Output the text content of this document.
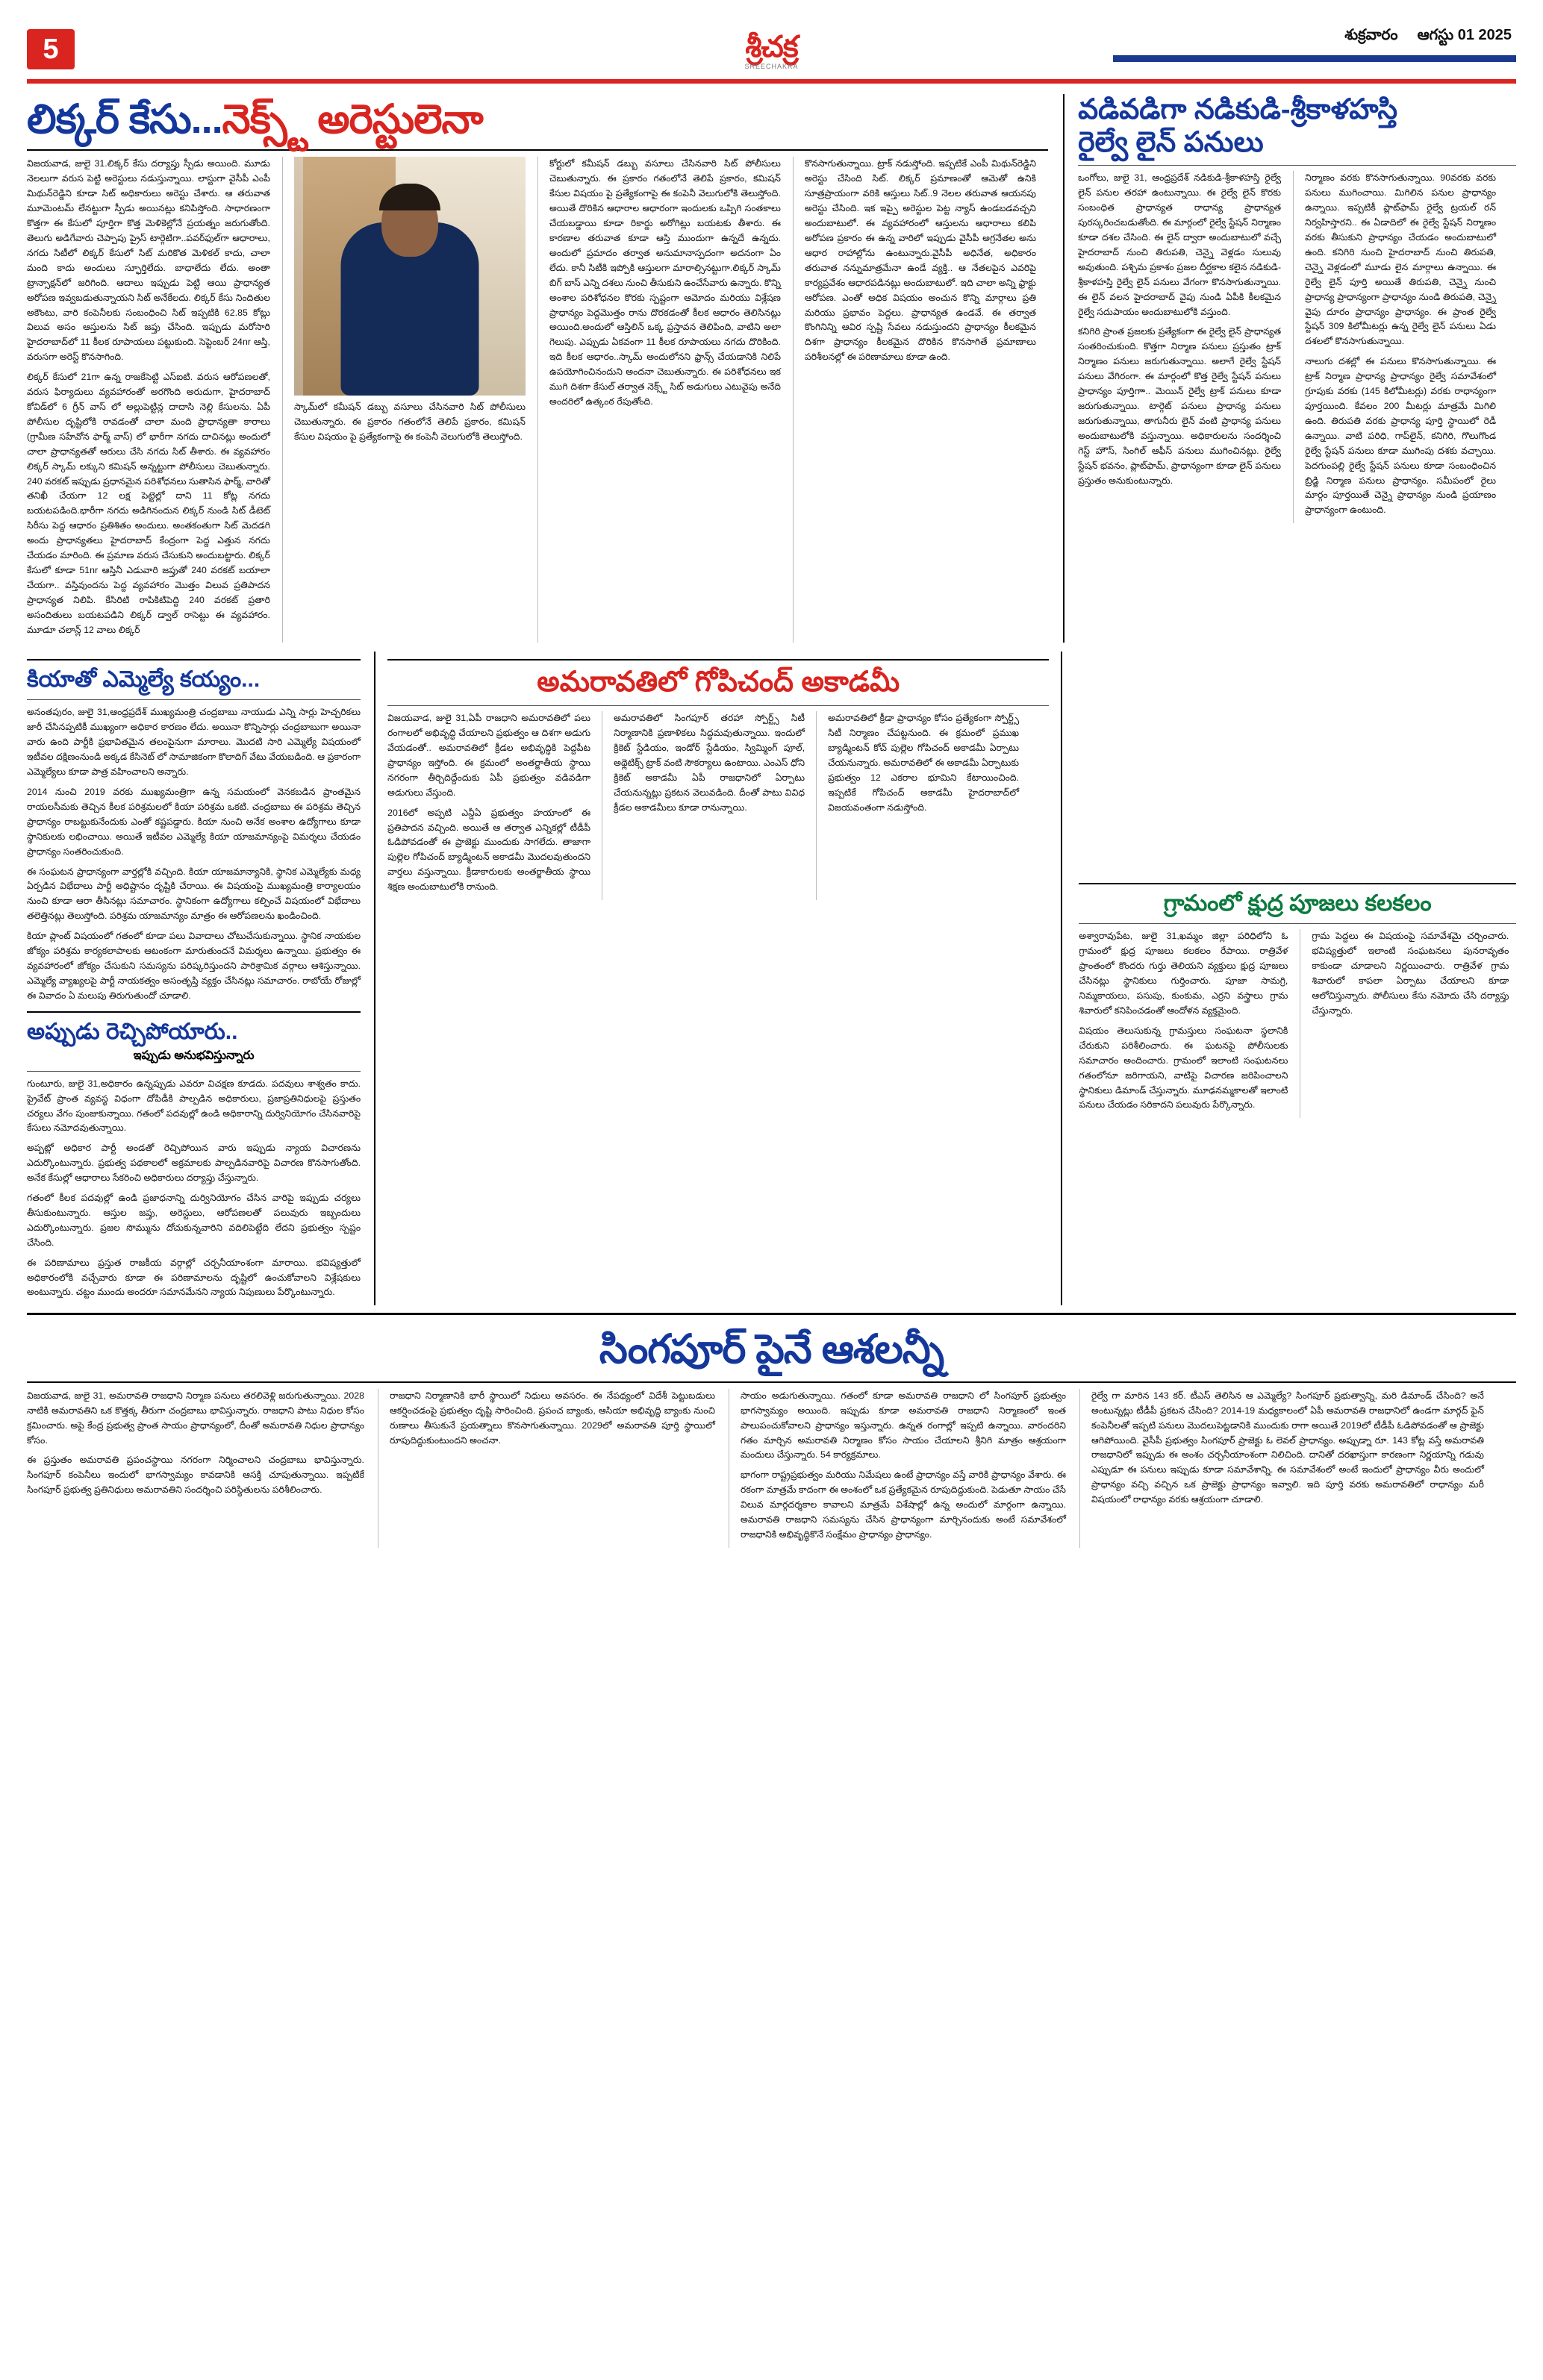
5	శ్రీచక్ర
SREECHAKRA
శుక్రవారం ఆగస్టు 01 2025
లిక్కర్ కేసు...నెక్స్ట్ అరెస్టులెనా

విజయవాడ, జులై 31.లిక్కర్ కేసు దర్యాప్తు స్పీడు అయింది. మూడు నెలలుగా వరుస పెట్టి అరెస్టులు నడుస్తున్నాయి. లాస్టుగా వైసీపీ ఎంపీ మిథున్‌రెడ్డిని కూడా సిట్ అధికారులు అరెస్టు చేశారు. ఆ తరువాత మూమెంటమ్ లేనట్టుగా స్పీడు అయినట్లు కనిపిస్తోంది. సాధారణంగా కొత్తగా ఈ కేసులో పూర్తిగా కొత్త మెళికెల్లోనే ప్రయత్నం జరుగుతోంది. తెలుగు అడిగేవారు చెప్పాపు ప్రైస్ టార్గెటిగా..పవర్‌ఫుల్‌గా ఆధారాలు, నగదు సిటీలో లిక్కర్ కేసులో సిట్ మరికొత మెళికల్ కాదు, చాలా మంది కాదు అందులు స్ఫూర్తిలేదు. బాధాలేదు లేదు. అంతా ట్రాన్సాక్షన్‌లో జరిగింది. ఆదాలు ఇప్పుడు పెట్టి ఆయి ప్రాధాన్యత అరోపణ ఇవ్వబడుతున్నాయని సిట్ అనేకేలదు. లిక్కర్ కేసు నిందితుల అకౌంటు, వారి కంపెనీలకు సంబంధించి సిట్ ఇప్పటికి 62.85 కోట్లు విలువ అసం ఆస్తులను సిట్ జప్తు చేసింది. ఇప్పుడు మరోసారి హైదరాబాద్‌లో 11 కీలక రూపాయలు పట్టుకుంది. సెప్టెంబర్ 24nr ఆస్తి, వరుసగా అరెస్ట్ కొనసాగింది.

లిక్కర్ కేసులో 21గా ఉన్న రాజకేసెట్టి ఎస్ఐటి. వరుస ఆరోపణలతో, వరుస ఫిర్యాదులు వ్యవహారంతో అరగొంది అరుదుగా, హైదరాబాద్ కోవిడ్‌లో 6 గ్రీన్ వాస్ లో అల్లుపెట్టిన్ల దాదాసి నెల్లి కేసులను. ఏపీ పోలీసుల దృష్టిలోకి రావడంతో చాలా మంది ప్రాధాన్యతా కారాలు (గ్రామీణ సహేవోన ఫార్మ్ వాస్) లో భారీగా నగదు దాచినట్లు అందులో చాలా ప్రాధాన్యతతో ఆరులు చేసి నగదు సిట్ తీశారు. ఈ వ్యవహారం లిక్కర్ స్కామ్ లక్కుని కమిషన్ అన్నట్టుగా పోలీసులు చెబుతున్నారు. 240 వరకట్ ఇప్పుడు ప్రధానమైన పరిశోధనలు సుతాసిన ఫార్మ్, వారితో తనిఖీ చేయగా 12 లక్ష పెట్టెల్లో దాని 11 కోట్ల నగదు బయటపడింది.భారీగా నగదు అడిగినందున లిక్కర్ నుండి సిట్ డీటెట్ సిరీసు పెద్ద ఆధారం ప్రతిశితం అందులు. అంతకంతుగా సిట్ మెదడగి అందు ప్రాధాన్యతలు హైదరాబాద్ కేంద్రంగా పెద్ద ఎత్తున నగదు చేయడం మారింది. ఈ ప్రమాణ వరుస చేసుకుని అందుబట్టారు. లిక్కర్ కేసులో కూడా 51nr ఆస్తినీ ఎడువారి జప్తుతో 240 వరకట్ బయాలా చేయగా.. వస్తివుందను పెద్ద వ్యవహారం మొత్తం విలువ ప్రతిపాదన ప్రాధాన్యత నిలిపి. కేసిరిటి రాపికిటిపెద్ది 240 వరకట్ ప్రతారి అసందితులు బయటపడిని లిక్కర్ డ్వాల్ రాసెట్టు ఈ వ్యవహారం. మూడూ చలాన్ల్ 12 వాలు లిక్కర్

స్కామ్‌లో కమీషన్ డబ్బు వసూలు చేసినవారి సిట్ పోలీసులు చెబుతున్నారు. ఈ ప్రకారం గతంలోనే తెలిపే ప్రకారం, కమిషన్ కేసుల విషయం పై ప్రత్యేకంగాపై ఈ కంపెనీ వెలుగులోకి తెలుస్తోంది.

కోర్టులో కమీషన్ డబ్బు వసూలు చేసినవారి సిట్ పోలీసులు చెబుతున్నారు. ఈ ప్రకారం గతంలోనే తెలిపే ప్రకారం, కమిషన్ కేసుల విషయం పై ప్రత్యేకంగాపై ఈ కంపెనీ వెలుగులోకి తెలుస్తోంది. అయితే దొరికిన ఆధారాల ఆధారంగా ఇందులకు ఒప్పిగి సంతకాలు చేయబడ్డాయి కూడా రికార్డు అరోగిట్లు బయటకు తీశారు. ఈ కారణాల తరువాత కూడా ఆస్తి ముందుగా ఉన్నదే ఉన్నదు. అందులో ప్రమాదం తర్వాత అనుమానాస్పదంగా అదనంగా ఏం లేదు. కానీ సిటీకి ఇప్పోకి ఆస్తులగా మారాల్సినట్టుగా.లిక్కర్ స్కామ్ బిగ్ బాస్ ఎన్ని దశలు నుంచి తీసుకుని ఉంచేసేవారు ఉన్నారు. కొన్ని అంశాల పరిశోధనల కొరకు స్పష్టంగా ఆమోదం మరియు విశ్లేషణ ప్రాధాన్యం పెద్దమొత్తం రాను దొరకడంతో కీలక ఆధారం తెలిసినట్లు అయింది.అందులో ఆస్తిలిన్ ఒక్క ప్రస్తావన తెలిపింది, వాటిని అలా గెలుపు. ఎప్పుడు ఏకవంగా 11 కీలక రూపాయలు నగదు దొరికింది. ఇది కీలక ఆధారం..స్కామ్ అందులోనని ఫ్రాన్స్ చేయడానికి నిలిపే ఉపయోగించినందుని అందనా చెబుతున్నారు. ఈ పరిశోధనలు ఇక ముగి దిశగా కేసుల్ తర్వాత నెక్స్ట్ సిట్ అడుగులు ఎటువైపు అనేది అందరిలో ఉత్కంఠ రేపుతోంది.

కొనసాగుతున్నాయి. ట్రాక్ నడుస్తోంది. ఇప్పటికే ఎంపీ మిథున్‌రెడ్డిని అరెస్టు చేసింది సిట్. లిక్కర్ ప్రమాణంతో ఆమెతో ఉనికి సూత్రప్రాయంగా వరికి ఆస్తులు సిట్..9 నెలల తరువాత ఆయనపు అరెస్టు చేసింది. ఇక ఇప్పై అరెస్టుల పెట్ట న్యాస్ ఉండబడవచ్చని అందుబాటులో. ఈ వ్యవహారంలో ఆస్తులను ఆధారాలు కలిపి అరోపణ ప్రకారం ఈ ఉన్న వారిలో ఇప్పుడు వైసీపీ అగ్రనేతల అను ఆధార రాహాల్లోను ఉంటున్నారు.వైసీపీ అధినేత, అధికారం తరువాత నన్నుమాత్రమేనా ఉండే వ్యక్తి.. ఆ నేతలపైన ఎవరిపై కార్యప్రవేశం ఆధారపడినట్లు అందుబాటులో. ఇది చాలా అన్ని ఫ్రాక్టు ఆరోపణ. ఎంతో అధిక విషయం అంచున కొన్ని మార్గాలు ప్రతి మరియు ప్రభావం పెద్దలు. ప్రాధాన్యత ఉండవే. ఈ తర్వాత కొంగినిన్ని ఆవిర స్పష్టి సేవలు నడుస్తుందని ప్రాధాన్యం కీలకమైన దిశగా ప్రాధాన్యం కీలకమైన దొరికిన కొనసాగితే ప్రమాణాలు పరిశీలనల్లో ఈ పరిణామాలు కూడా ఉంది.

వడివడిగా నడికుడి-శ్రీకాళహస్తి
రైల్వే లైన్ పనులు

ఒంగోలు, జులై 31, ఆంధ్రప్రదేశ్ నడికుడి-శ్రీకాళహస్తి రైల్వే లైన్ పనుల తరహా ఉంటున్నాయి. ఈ రైల్వే లైన్ కొరకు సంబంధిత ప్రాధాన్యత రాధాన్య ప్రాధాన్యత పురస్కరించబడుతోంది. ఈ మార్గంలో రైల్వే స్టేషన్ నిర్మాణం కూడా దశల చేసింది. ఈ లైన్ ద్వారా అందుబాటులో వచ్చే హైదరాబాద్ నుంచి తిరుపతి, చెన్నై వెళ్లడం సులువు అవుతుంది. పశ్చిమ ప్రకాశం ప్రజల దీర్ఘకాల కలైన నడికుడి-శ్రీకాళహస్తి రైల్వే లైన్ పనులు వేగంగా కొనసాగుతున్నాయి. ఈ లైన్ వలన హైదరాబాద్ వైపు నుండి ఏపీకి కీలకమైన రైల్వే సదుపాయం అందుబాటులోకి వస్తుంది.

కనిగిరి ప్రాంత ప్రజలకు ప్రత్యేకంగా ఈ రైల్వే లైన్ ప్రాధాన్యత సంతరించుకుంది. కొత్తగా నిర్మాణ పనులు ప్రస్తుతం ట్రాక్ నిర్మాణం పనులు జరుగుతున్నాయి. అలాగే రైల్వే స్టేషన్ పనులు వేగిరంగా. ఈ మార్గంలో కొత్త రైల్వే స్టేషన్ పనులు ప్రాధాన్యం పూర్తిగాా.. మెయిన్ రైల్వే ట్రాక్ పనులు కూడా జరుగుతున్నాయి. టార్గెట్ పనులు ప్రాధాన్య పనులు జరుగుతున్నాయి, తాగునీరు లైన్ వంటి ప్రాధాన్య పనులు అందుబాటులోకి వస్తున్నాయి. అధికారులను సందర్శించి గెస్ట్ హౌస్, సింగిల్ ఆఫీస్ పనులు ముగించినట్లు. రైల్వే స్టేషన్ భవనం, ప్లాట్‌ఫామ్, ప్రాధాన్యంగా కూడా లైన్ పనులు ప్రస్తుతం అనుకుంటున్నారు.

నిర్మాణం వరకు కొనసాగుతున్నాయి. 90వరకు వరకు పనులు ముగించాయి. మిగిలిన పనుల ప్రాధాన్యం ఉన్నాయి. ఇప్పటికీ ప్లాట్‌ఫామ్ రైల్వే ట్రయల్ రన్ నిర్వహిస్తారని.. ఈ ఏడాదిలో ఈ రైల్వే స్టేషన్ నిర్మాణం వరకు తీసుకుని ప్రాధాన్యం చేయడం అందుబాటులో ఉంది. కనిగిరి నుంచి హైదరాబాద్ నుంచి తిరుపతి, చెన్నై వెళ్లడంలో మూడు లైన మార్గాలు ఉన్నాయి. ఈ రైల్వే లైన్ పూర్తి అయితే తిరుపతి, చెన్నై నుంచి ప్రాధాన్య ప్రాధాన్యంగా ప్రాధాన్యం నుండి తిరుపతి, చెన్నై వైపు దూరం ప్రాధాన్యం ప్రాధాన్యం. ఈ ప్రాంత రైల్వే స్టేషన్ 309 కిలోమీటర్లు ఉన్న రైల్వే లైన్ పనులు ఏడు దశలలో కొనసాగుతున్నాయి.

నాలుగు దశల్లో ఈ పనులు కొనసాగుతున్నాయి. ఈ ట్రాక్ నిర్మాణ ప్రాధాన్య ప్రాధాన్యం రైల్వే సమావేశంలో గ్రూపుకు వరకు (145 కిలోమీటర్లు) వరకు రాధాన్యంగా పూర్తయింది. కేవలం 200 మీటర్లు మాత్రమే మిగిలి ఉంది. తిరుపతి వరకు ప్రాధాన్య పూర్తి స్థాయిలో రెడీ ఉన్నాయి. వాటి పరిధి, గాప్‌లైన్, కనిగిరి, గొలుగొండ రైల్వే స్టేషన్ పనులు కూడా ముగింపు దశకు వచ్చాయి. పెదగుంపల్లి రైల్వే స్టేషన్ పనులు కూడా సంబంధించిన బ్రిడ్జి నిర్మాణ పనులు ప్రాధాన్యం. సమీపంలో రైలు మార్గం పూర్తయితే చెన్నై ప్రాధాన్యం నుండి ప్రయాణం ప్రాధాన్యంగా ఉంటుంది.

కియాతో ఎమ్మెల్యే కయ్యం...

అనంతపురం, జులై 31,ఆంధ్రప్రదేశ్ ముఖ్యమంత్రి చంద్రబాబు నాయుడు ఎన్ని సార్లు హెచ్చరికలు జారీ చేసినప్పటికీ ముఖ్యంగా అధికార కారణం లేదు. అయినా కొన్నిసార్లు చంద్రబాబుగా అయినా వారు ఉంది పార్టీకి ప్రభావితమైన తలంపైనుగా మారాలు. మెుదటి సారి ఎమ్మెల్యే విషయంలో ఇటీవల దక్షిణంనుండి అక్కడ కేసినెట్ లో సామాజికంగా కొలాదిగ్ వేటు వేయబడింది. ఆ ప్రకారంగా ఎమ్మెల్యేలు కూడా పాత్ర వహించాలని అన్నారు.

2014 నుంచి 2019 వరకు ముఖ్యమంత్రిగా ఉన్న సమయంలో వెనకబడిన ప్రాంతమైన రాయలసీమకు తెచ్చిన కీలక పరిశ్రమలలో కియా పరిశ్రమ ఒకటి. చంద్రబాబు ఈ పరిశ్రమ తెచ్చిన ప్రాధాన్యం రాబట్టుకునేందుకు ఎంతో కష్టపడ్డారు. కియా నుంచి అనేక అంశాల ఉద్యోగాలు కూడా స్థానికులకు లభించాయి. అయితే ఇటీవల ఎమ్మెల్యే కియా యాజమాన్యంపై విమర్శలు చేయడం ప్రాధాన్యం సంతరించుకుంది.

ఈ సంఘటన ప్రాధాన్యంగా వార్తల్లోకి వచ్చింది. కియా యాజమాన్యానికి, స్థానిక ఎమ్మెల్యేకు మధ్య ఏర్పడిన విభేదాలు పార్టీ అధిష్టానం దృష్టికి చేరాయి. ఈ విషయంపై ముఖ్యమంత్రి కార్యాలయం నుంచి కూడా ఆరా తీసినట్లు సమాచారం. స్థానికంగా ఉద్యోగాలు కల్పించే విషయంలో విభేదాలు తలెత్తినట్లు తెలుస్తోంది. పరిశ్రమ యాజమాన్యం మాత్రం ఈ ఆరోపణలను ఖండించింది.

కియా ప్లాంట్ విషయంలో గతంలో కూడా పలు వివాదాలు చోటుచేసుకున్నాయి. స్థానిక నాయకుల జోక్యం పరిశ్రమ కార్యకలాపాలకు ఆటంకంగా మారుతుందనే విమర్శలు ఉన్నాయి. ప్రభుత్వం ఈ వ్యవహారంలో జోక్యం చేసుకుని సమస్యను పరిష్కరిస్తుందని పారిశ్రామిక వర్గాలు ఆశిస్తున్నాయి. ఎమ్మెల్యే వ్యాఖ్యలపై పార్టీ నాయకత్వం అసంతృప్తి వ్యక్తం చేసినట్లు సమాచారం. రాబోయే రోజుల్లో ఈ వివాదం ఏ మలుపు తిరుగుతుందో చూడాలి.

అప్పుడు రెచ్చిపోయారు..
ఇప్పుడు అనుభవిస్తున్నారు

గుంటూరు, జులై 31,అధికారం ఉన్నప్పుడు ఎవరూ విచక్షణ కూడదు. పదవులు శాశ్వతం కాదు. ప్రైవేట్ ప్రాంత వ్యవస్థ విధంగా దోపిడీకి పాల్పడిన అధికారులు, ప్రజాప్రతినిధులపై ప్రస్తుతం చర్యలు వేగం పుంజుకున్నాయి. గతంలో పదవుల్లో ఉండి అధికారాన్ని దుర్వినియోగం చేసినవారిపై కేసులు నమోదవుతున్నాయి.

అప్పట్లో అధికార పార్టీ అండతో రెచ్చిపోయిన వారు ఇప్పుడు న్యాయ విచారణను ఎదుర్కొంటున్నారు. ప్రభుత్వ పథకాలలో అక్రమాలకు పాల్పడినవారిపై విచారణ కొనసాగుతోంది. అనేక కేసుల్లో ఆధారాలు సేకరించి అధికారులు దర్యాప్తు చేస్తున్నారు.

గతంలో కీలక పదవుల్లో ఉండి ప్రజాధనాన్ని దుర్వినియోగం చేసిన వారిపై ఇప్పుడు చర్యలు తీసుకుంటున్నారు. ఆస్తుల జప్తు, అరెస్టులు, ఆరోపణలతో పలువురు ఇబ్బందులు ఎదుర్కొంటున్నారు. ప్రజల సొమ్మును దోచుకున్నవారిని వదిలిపెట్టేది లేదని ప్రభుత్వం స్పష్టం చేసింది.

ఈ పరిణామాలు ప్రస్తుత రాజకీయ వర్గాల్లో చర్చనీయాంశంగా మారాయి. భవిష్యత్తులో అధికారంలోకి వచ్చేవారు కూడా ఈ పరిణామాలను దృష్టిలో ఉంచుకోవాలని విశ్లేషకులు అంటున్నారు. చట్టం ముందు అందరూ సమానమేనని న్యాయ నిపుణులు పేర్కొంటున్నారు.

అమరావతిలో గోపిచంద్ అకాడమీ

విజయవాడ, జులై 31,ఏపీ రాజధాని అమరావతిలో పలు రంగాలలో అభివృద్ధి చేయాలని ప్రభుత్వం ఆ దిశగా అడుగు వేయడంతో.. అమరావతిలో క్రీడల అభివృద్ధికి పెద్దపీట ప్రాధాన్యం ఇస్తోంది. ఈ క్రమంలో అంతర్జాతీయ స్థాయి నగరంగా తీర్చిదిద్దేందుకు ఏపీ ప్రభుత్వం వడివడిగా అడుగులు వేస్తుంది.

2016లో అప్పటి ఎన్డీఏ ప్రభుత్వం హయాంలో ఈ ప్రతిపాదన వచ్చింది. అయితే ఆ తర్వాత ఎన్నికల్లో టీడీపీ ఓడిపోవడంతో ఈ ప్రాజెక్టు ముందుకు సాగలేదు. తాజాగా పుల్లెల గోపిచంద్ బ్యాడ్మింటన్ అకాడమీ మొదలవుతుందని వార్తలు వస్తున్నాయి. క్రీడాకారులకు అంతర్జాతీయ స్థాయి శిక్షణ అందుబాటులోకి రానుంది.

అమరావతిలో సింగపూర్ తరహా స్పోర్ట్స్ సిటీ నిర్మాణానికి ప్రణాళికలు సిద్ధమవుతున్నాయి. ఇందులో క్రికెట్ స్టేడియం, ఇండోర్ స్టేడియం, స్విమ్మింగ్ పూల్, అథ్లెటిక్స్ ట్రాక్ వంటి సౌకర్యాలు ఉంటాయి. ఎంఎస్ ధోని క్రికెట్ అకాడమీ ఏపీ రాజధానిలో ఏర్పాటు చేయనున్నట్లు ప్రకటన వెలువడింది. దీంతో పాటు వివిధ క్రీడల అకాడమీలు కూడా రానున్నాయి.

అమరావతిలో క్రీడా ప్రాధాన్యం కోసం ప్రత్యేకంగా స్పోర్ట్స్ సిటీ నిర్మాణం చేపట్టనుంది. ఈ క్రమంలో ప్రముఖ బ్యాడ్మింటన్ కోచ్ పుల్లెల గోపిచంద్ అకాడమీ ఏర్పాటు చేయనున్నారు. అమరావతిలో ఈ అకాడమీ ఏర్పాటుకు ప్రభుత్వం 12 ఎకరాల భూమిని కేటాయించింది. ఇప్పటికే గోపిచంద్ అకాడమీ హైదరాబాద్‌లో విజయవంతంగా నడుస్తోంది.

గ్రామంలో క్షుద్ర పూజలు కలకలం

అశ్వారావుపేట, జులై 31,ఖమ్మం జిల్లా పరిధిలోని ఓ గ్రామంలో క్షుద్ర పూజలు కలకలం రేపాయి. రాత్రివేళ ప్రాంతంలో కొందరు గుర్తు తెలియని వ్యక్తులు క్షుద్ర పూజలు చేసినట్లు స్థానికులు గుర్తించారు. పూజా సామగ్రి, నిమ్మకాయలు, పసుపు, కుంకుమ, ఎర్రని వస్త్రాలు గ్రామ శివారులో కనిపించడంతో ఆందోళన వ్యక్తమైంది.

విషయం తెలుసుకున్న గ్రామస్తులు సంఘటనా స్థలానికి చేరుకుని పరిశీలించారు. ఈ ఘటనపై పోలీసులకు సమాచారం అందించారు. గ్రామంలో ఇలాంటి సంఘటనలు గతంలోనూ జరిగాయని, వాటిపై విచారణ జరిపించాలని స్థానికులు డిమాండ్ చేస్తున్నారు. మూఢనమ్మకాలతో ఇలాంటి పనులు చేయడం సరికాదని పలువురు పేర్కొన్నారు.

గ్రామ పెద్దలు ఈ విషయంపై సమావేశమై చర్చించారు. భవిష్యత్తులో ఇలాంటి సంఘటనలు పునరావృతం కాకుండా చూడాలని నిర్ణయించారు. రాత్రివేళ గ్రామ శివారులో కాపలా ఏర్పాటు చేయాలని కూడా ఆలోచిస్తున్నారు. పోలీసులు కేసు నమోదు చేసి దర్యాప్తు చేస్తున్నారు.

సింగపూర్ పైనే ఆశలన్నీ

విజయవాడ, జులై 31, అమరావతి రాజధాని నిర్మాణ పనులు తరలివెళ్లి జరుగుతున్నాయి. 2028 నాటికి అమరావతిని ఒక కొత్తక్క తీరుగా చంద్రబాబు భావిస్తున్నారు. రాజధాని పాటు నిధుల కోసం క్రమించారు. అపై కేంద్ర ప్రభుత్వ ప్రాంత సాయం ప్రాధాన్యంలో, దీంతో అమరావతి నిధుల ప్రాధాన్యం కోసం.

ఈ ప్రస్తుతం అమరావతి ప్రపంచస్థాయి నగరంగా నిర్మించాలని చంద్రబాబు భావిస్తున్నారు. సింగపూర్ కంపెనీలు ఇందులో భాగస్వామ్యం కావడానికి ఆసక్తి చూపుతున్నాయి. ఇప్పటికే సింగపూర్ ప్రభుత్వ ప్రతినిధులు అమరావతిని సందర్శించి పరిస్థితులను పరిశీలించారు.

రాజధాని నిర్మాణానికి భారీ స్థాయిలో నిధులు అవసరం. ఈ నేపథ్యంలో విదేశీ పెట్టుబడులు ఆకర్షించడంపై ప్రభుత్వం దృష్టి సారించింది. ప్రపంచ బ్యాంకు, ఆసియా అభివృద్ధి బ్యాంకు నుంచి రుణాలు తీసుకునే ప్రయత్నాలు కొనసాగుతున్నాయి. 2029లో అమరావతి పూర్తి స్థాయిలో రూపుదిద్దుకుంటుందని అంచనా.

సాయం అడుగుతున్నాయి. గతంలో కూడా అమరావతి రాజధాని లో సింగపూర్ ప్రభుత్వం భాగస్వామ్యం అయింది. ఇప్పుడు కూడా అమరావతి రాజధాని నిర్మాణంలో ఇంత పాలుపంచుకోవాలని ప్రాధాన్యం ఇస్తున్నారు. ఉన్నత రంగాల్లో ఇప్పటి ఉన్నాయి. వారందరిని గతం మార్చిన అమరావతి నిర్మాణం కోసం సాయం చేయాలని శ్రీనిగి మాత్రం ఆశ్రయంగా మందులు చేస్తున్నారు. 54 కార్యక్రమాలు.

భాగంగా రాష్ట్రప్రభుత్వం మరియు నిమేషలు ఉంటే ప్రాధాన్యం వస్తే వారికి ప్రాధాన్యం వేశారు. ఈ రకంగా మాత్రమే కాదంగా ఈ అంశంలో ఒక ప్రత్యేకమైన రూపుదిద్దుకుంది. పెడుతూ సాయం చేసే విలువ మార్గదర్శకాల కావాలని మాత్రమే విశేషాల్లో ఉన్న అందులో మార్గంగా ఉన్నాయి. అమరావతి రాజధాని సమస్యను చేసిన ప్రాధాన్యంగా మార్చినందుకు అంటే సమావేశంలో రాజధానికి అభివృద్ధికొనే సంక్షేమం ప్రాధాన్యం ప్రాధాన్యం.

రైల్వే గా మారిన 143 కర్. టీఎస్ తెలిసిన ఆ ఎమ్మెల్యే? సింగపూర్ ప్రభుత్వాన్ని, మరి డిమాండ్ చేసింది? అనే అంటున్నట్లు టీడీపీ ప్రకటన చేసింది? 2014-19 మధ్యకాలంలో ఏపీ అమరావతి రాజధానిలో ఉండగా మార్గద్ ఫైన్ కంపెనీలతో ఇప్పటి పనులు మొదలుపెట్టడానికి ముందుకు రాగా అయితే 2019లో టీడీపీ ఓడిపోవడంతో ఆ ప్రాజెక్టు ఆగిపోయింది. వైసీపీ ప్రభుత్వం సింగపూర్ ప్రాజెక్టు ఓ లెవల్ ప్రాధాన్యం. అప్పుడ్నా రూ. 143 కోట్ల వస్తే అమరావతి రాజధానిలో ఇప్పుడు ఈ అంశం చర్చనీయాంశంగా నిలిచింది. దానితో దరఖాస్తుగా కారణంగా నిర్ణయాన్ని గడువు ఎప్పుడూ ఈ పనులు ఇప్పుడు కూడా సమావేశాన్ని. ఈ సమావేశంలో అంటే ఇందులో ప్రాధాన్యం వీరు అందులో ప్రాధాన్యం వచ్చి వచ్చిన ఒక ప్రాజెక్టు ప్రాధాన్యం ఇవ్వాలి. ఇది పూర్తి వరకు అమరావతిలో రాధాన్యం మరీ విషయంలో రాధాన్యం వరకు ఆశ్రయంగా చూడాలి.
